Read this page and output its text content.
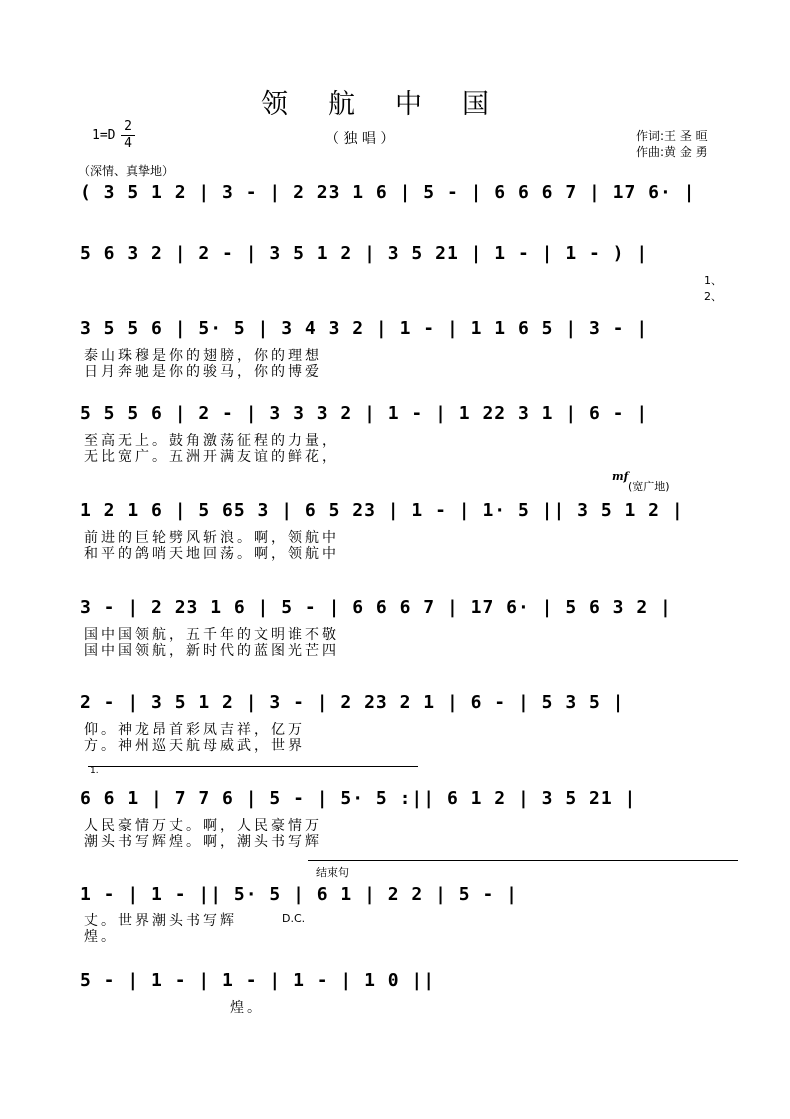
领航中国
1=D
2
4	（ 独 唱 ）	作词:王 圣 晅
作曲:黄 金 勇
（深情、真挚地）
( 3 5 1 2 | 3 - | 2 23 1 6 | 5 - | 6 6 6 7 | 17 6· |
5 6 3 2 | 2 - | 3 5 1 2 | 3 5 21 | 1 - | 1 - ) |
1、
2、
3 5 5 6 | 5· 5 | 3 4 3 2 | 1 - | 1 1 6 5 | 3 - |
泰山珠穆是你的翅膀，你的理想
日月奔驰是你的骏马，你的博爱
5 5 5 6 | 2 - | 3 3 3 2 | 1 - | 1 22 3 1 | 6 - |
至高无上。鼓角激荡征程的力量，
无比宽广。五洲开满友谊的鲜花，
mf
(宽广地)
1 2 1 6 | 5 65 3 | 6 5 23 | 1 - | 1· 5 || 3 5 1 2 |
前进的巨轮劈风斩浪。啊，领航中
和平的鸽哨天地回荡。啊，领航中
3 - | 2 23 1 6 | 5 - | 6 6 6 7 | 17 6· | 5 6 3 2 |
国中国领航，五千年的文明谁不敬
国中国领航，新时代的蓝图光芒四
2 - | 3 5 1 2 | 3 - | 2 23 2 1 | 6 - | 5 3 5 |
仰。神龙昂首彩凤吉祥，亿万
方。神州巡天航母威武，世界
1.
6 6 1 | 7 7 6 | 5 - | 5· 5 :|| 6 1 2 | 3 5 21 |
人民豪情万丈。啊，人民豪情万
潮头书写辉煌。啊，潮头书写辉
结束句
1 - | 1 - || 5· 5 | 6 1 | 2 2 | 5 - |
D.C.
丈。世界潮头书写辉
煌。
5 - | 1 - | 1 - | 1 - | 1 0 ||
煌。
